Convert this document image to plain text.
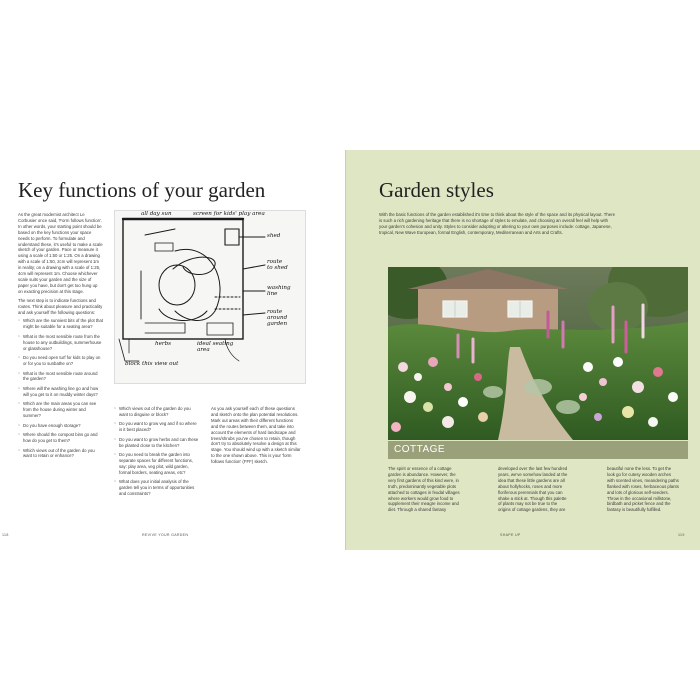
Key functions of your garden

As the great modernist architect Le Corbusier once said, 'Form follows function'. In other words, your starting point should be based on the key functions your space needs to perform. To formulate and understand these, it's useful to make a scale sketch of your garden. Pace or measure it using a scale of 1:50 or 1:25. On a drawing with a scale of 1:50, 2cm will represent 1m in reality; on a drawing with a scale of 1:25, 4cm will represent 1m. Choose whichever scale suits your garden and the size of paper you have, but don't get too hung up on exacting precision at this stage.

The next step is to indicate functions and routes. Think about pleasure and practicality and ask yourself the following questions:

○ Which are the sunniest bits of the plot that might be suitable for a seating area?
○ What is the most sensible route from the house to any outbuildings, summerhouse or glasshouse?
○ Do you need open turf for kids to play on or for you to sunbathe on?
○ What is the most sensible route around the garden?
○ Where will the washing line go and how will you get to it on muddy winter days?
○ Which are the main areas you can see from the house during winter and summer?
○ Do you have enough storage?
○ Where should the compost bins go and how do you get to them?
○ Which views out of the garden do you want to retain or enhance?
all day sun	screen for kids' play area
shed
route
to shed
washing
line
route
around
garden
herbs	ideal seating
area
block this view out
○ Which views out of the garden do you want to disguise or block?
○ Do you want to grow veg and if so where is it best placed?
○ Do you want to grow herbs and can these be planted close to the kitchen?
○ Do you need to break the garden into separate spaces for different functions, say: play area, veg plot, wild garden, formal borders, seating areas, etc?
○ What does your initial analysis of the garden tell you in terms of opportunities and constraints?

As you ask yourself each of these questions and sketch onto the plan potential resolutions. Mark out areas with their different functions and the routes between them, and take into account the elements of hard landscape and trees/shrubs you've chosen to retain, though don't try to absolutely resolve a design at this stage. You should wind up with a sketch similar to the one shown above. This is your 'form follows function' (FFF) sketch.

118	REVIVE YOUR GARDEN
Garden styles
With the basic functions of the garden established it's time to think about the style of the space and its physical layout. There is such a rich gardening heritage that there is no shortage of styles to emulate, and choosing an overall feel will help with your garden's cohesion and unity. Styles to consider adopting or altering to your own purposes include: cottage, Japanese, tropical, New Wave European, formal English, contemporary, Mediterranean and Arts and Crafts.
COTTAGE
The spirit or essence of a cottage garden is abundance. However, the very first gardens of this kind were, in truth, predominantly vegetable plots attached to cottages in feudal villages where workers would grow food to supplement their meagre income and diet. Through a shared fantasy
developed over the last few hundred years, we've somehow landed at the idea that these little gardens are all about hollyhocks, roses and more floriferous perennials that you can shake a stick at. Though this palette of plants may not be true to the origins of cottage gardens, they are
beautiful none the less. To get the look go for cutesy wooden arches with scented vines, meandering paths flanked with roses, herbaceous plants and lots of glorious self-seeders. Throw in the occasional millstone, birdbath and picket fence and the fantasy is beautifully fulfilled.
SHAPE UP	119
